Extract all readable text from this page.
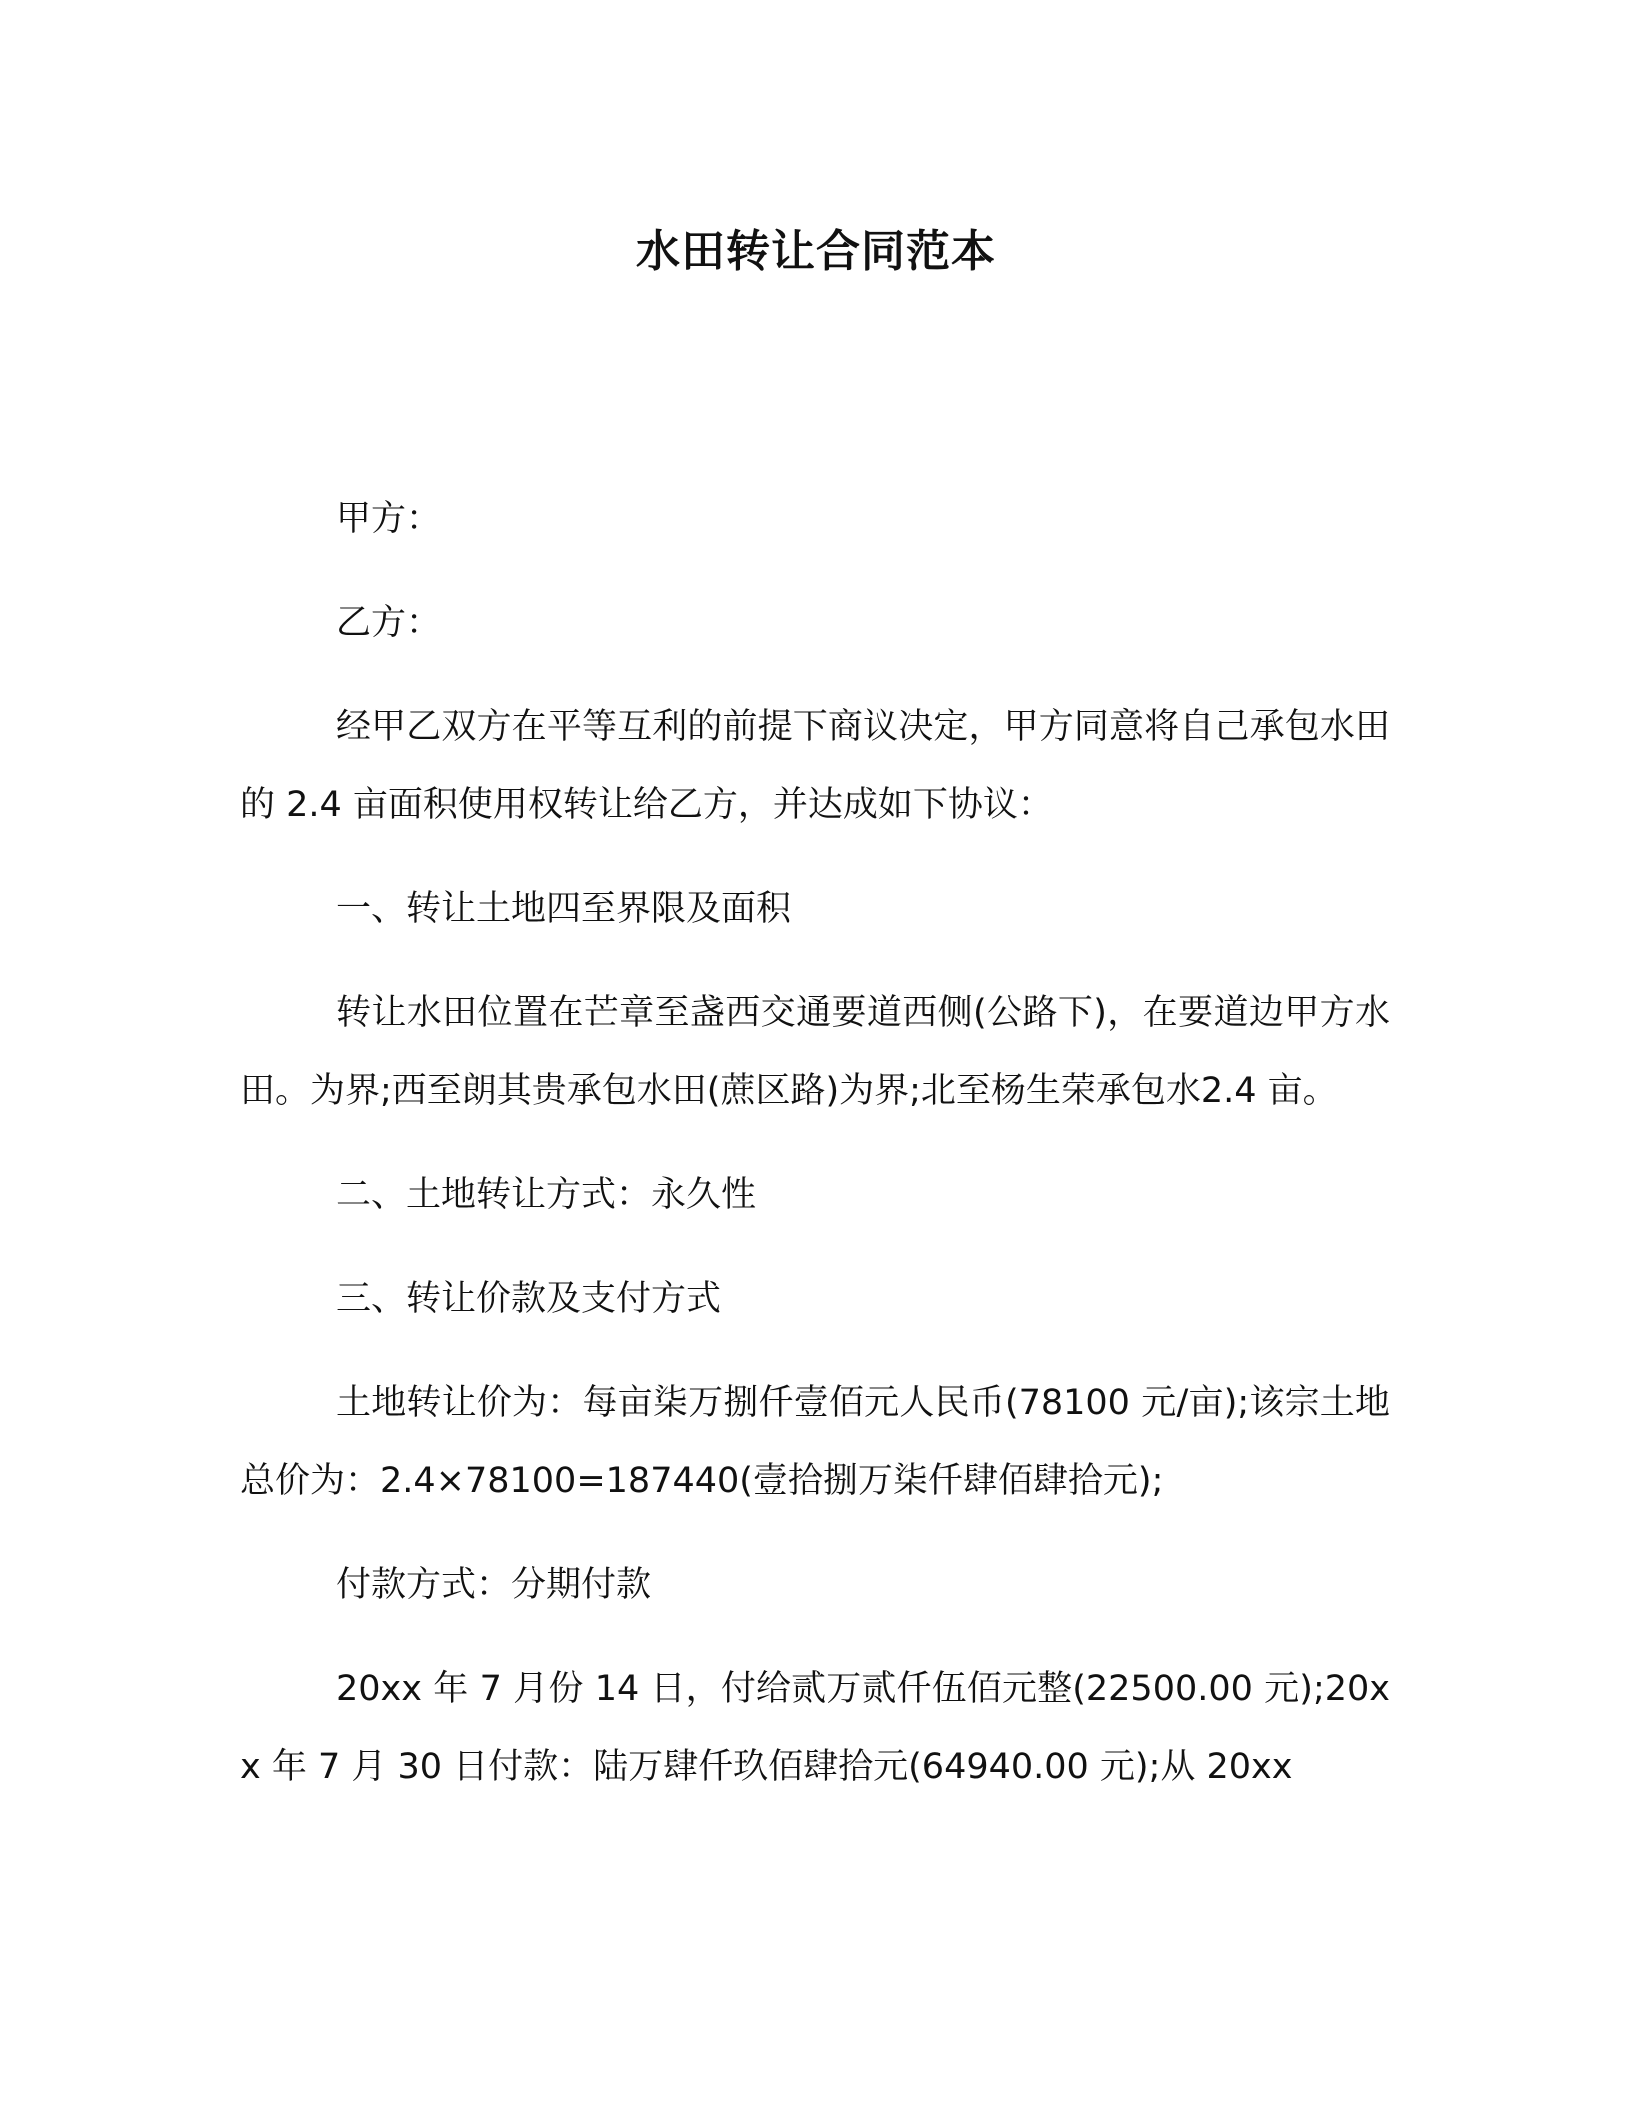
水田转让合同范本

甲方：

乙方：

经甲乙双方在平等互利的前提下商议决定，甲方同意将自己承包水田的 2.4 亩面积使用权转让给乙方，并达成如下协议：

一、转让土地四至界限及面积

转让水田位置在芒章至盏西交通要道西侧(公路下)，在要道边甲方水田。为界;西至朗其贵承包水田(蔗区路)为界;北至杨生荣承包水2.4 亩。

二、土地转让方式：永久性

三、转让价款及支付方式

土地转让价为：每亩柒万捌仟壹佰元人民币(78100 元/亩);该宗土地总价为：2.4×78100=187440(壹拾捌万柒仟肆佰肆拾元);

付款方式：分期付款

20xx 年 7 月份 14 日，付给贰万贰仟伍佰元整(22500.00 元);20xx 年 7 月 30 日付款：陆万肆仟玖佰肆拾元(64940.00 元);从 20xx
